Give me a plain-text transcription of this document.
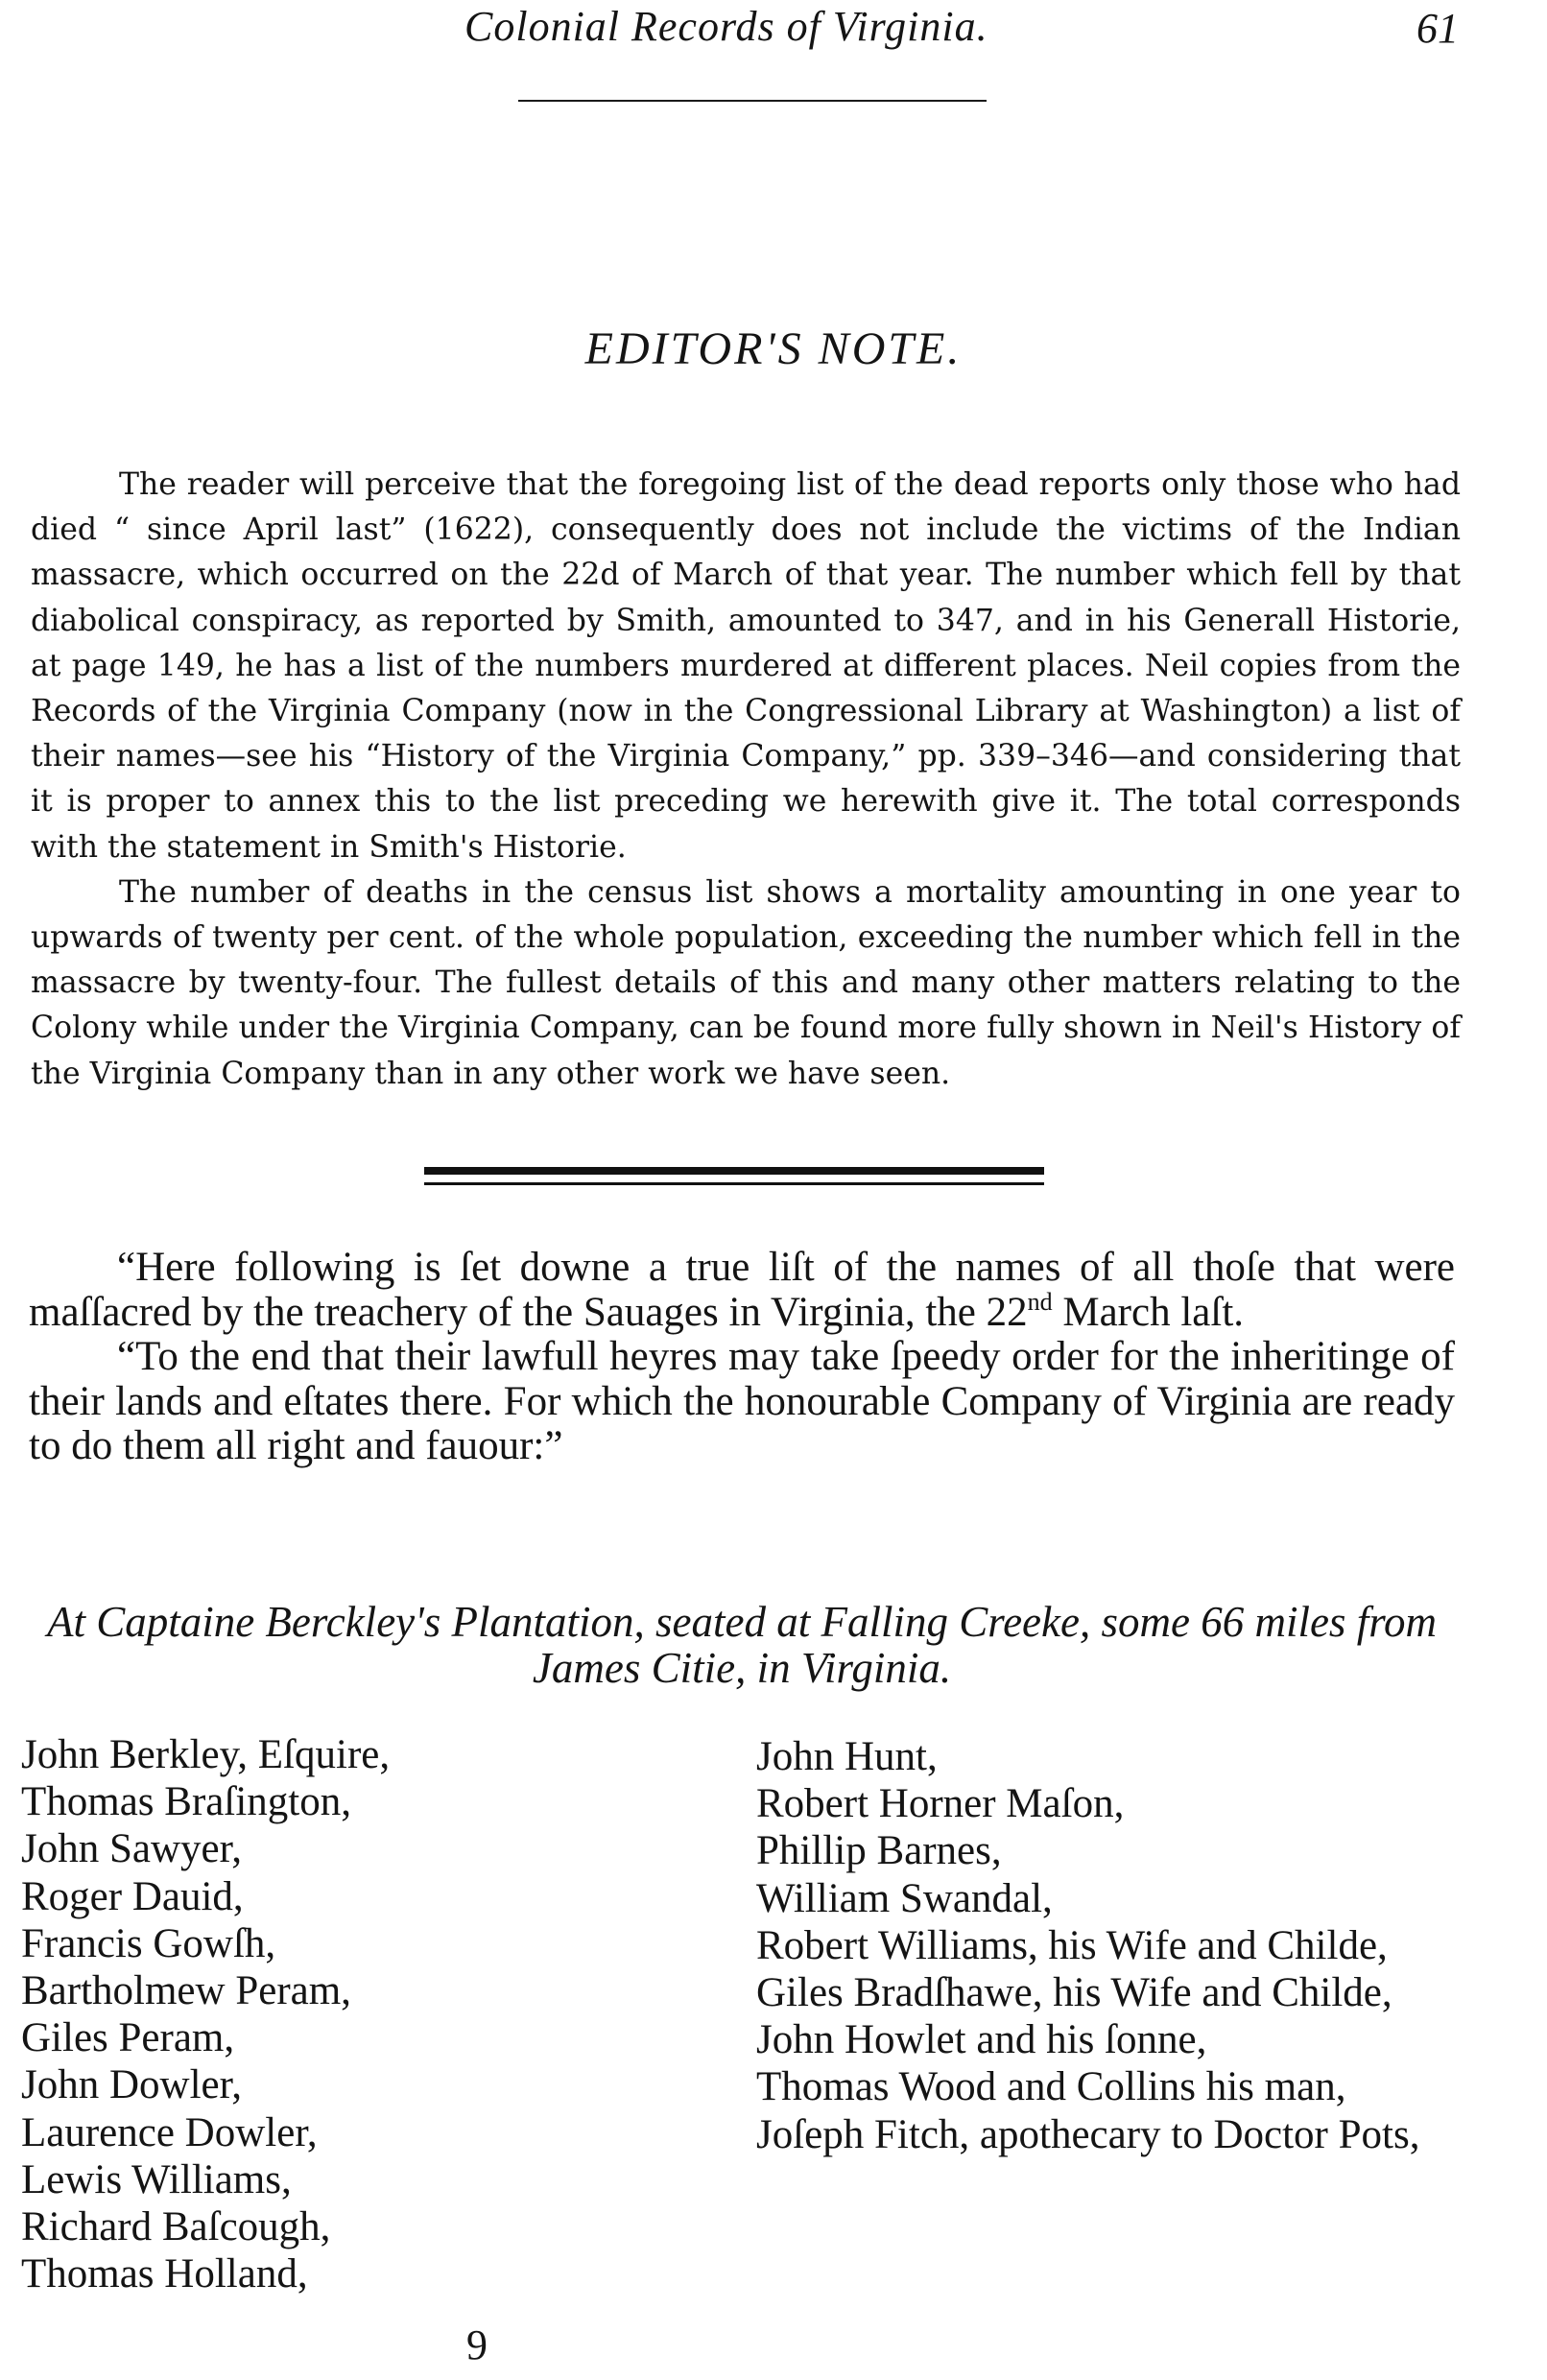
Colonial Records of Virginia.	61
EDITOR'S NOTE.

The reader will perceive that the foregoing list of the dead reports only those who had died “ since April last” (1622), consequently does not include the victims of the Indian massacre, which occurred on the 22d of March of that year. The number which fell by that diabolical conspiracy, as reported by Smith, amounted to 347, and in his Generall Historie, at page 149, he has a list of the numbers murdered at different places. Neil copies from the Records of the Virginia Company (now in the Congressional Library at Washington) a list of their names—see his “History of the Virginia Company,” pp. 339–346—and considering that it is proper to annex this to the list preceding we herewith give it. The total corresponds with the statement in Smith's Historie.

The number of deaths in the census list shows a mortality amounting in one year to upwards of twenty per cent. of the whole population, exceeding the number which fell in the massacre by twenty-four. The fullest details of this and many other matters relating to the Colony while under the Virginia Company, can be found more fully shown in Neil's History of the Virginia Company than in any other work we have seen.

“Here following is ſet downe a true liſt of the names of all thoſe that were maſſacred by the treachery of the Sauages in Virginia, the 22nd March laſt.

“To the end that their lawfull heyres may take ſpeedy order for the inheritinge of their lands and eſtates there. For which the honourable Company of Virginia are ready to do them all right and fauour:”

At Captaine Berckley's Plantation, seated at Falling Creeke, some 66 miles from James Citie, in Virginia.
John Berkley, Eſquire,
Thomas Braſington,
John Sawyer,
Roger Dauid,
Francis Gowſh,
Bartholmew Peram,
Giles Peram,
John Dowler,
Laurence Dowler,
Lewis Williams,
Richard Baſcough,
Thomas Holland,
John Hunt,
Robert Horner Maſon,
Phillip Barnes,
William Swandal,
Robert Williams, his Wife and Childe,
Giles Bradſhawe, his Wife and Childe,
John Howlet and his ſonne,
Thomas Wood and Collins his man,
Joſeph Fitch, apothecary to Doctor Pots,
9
